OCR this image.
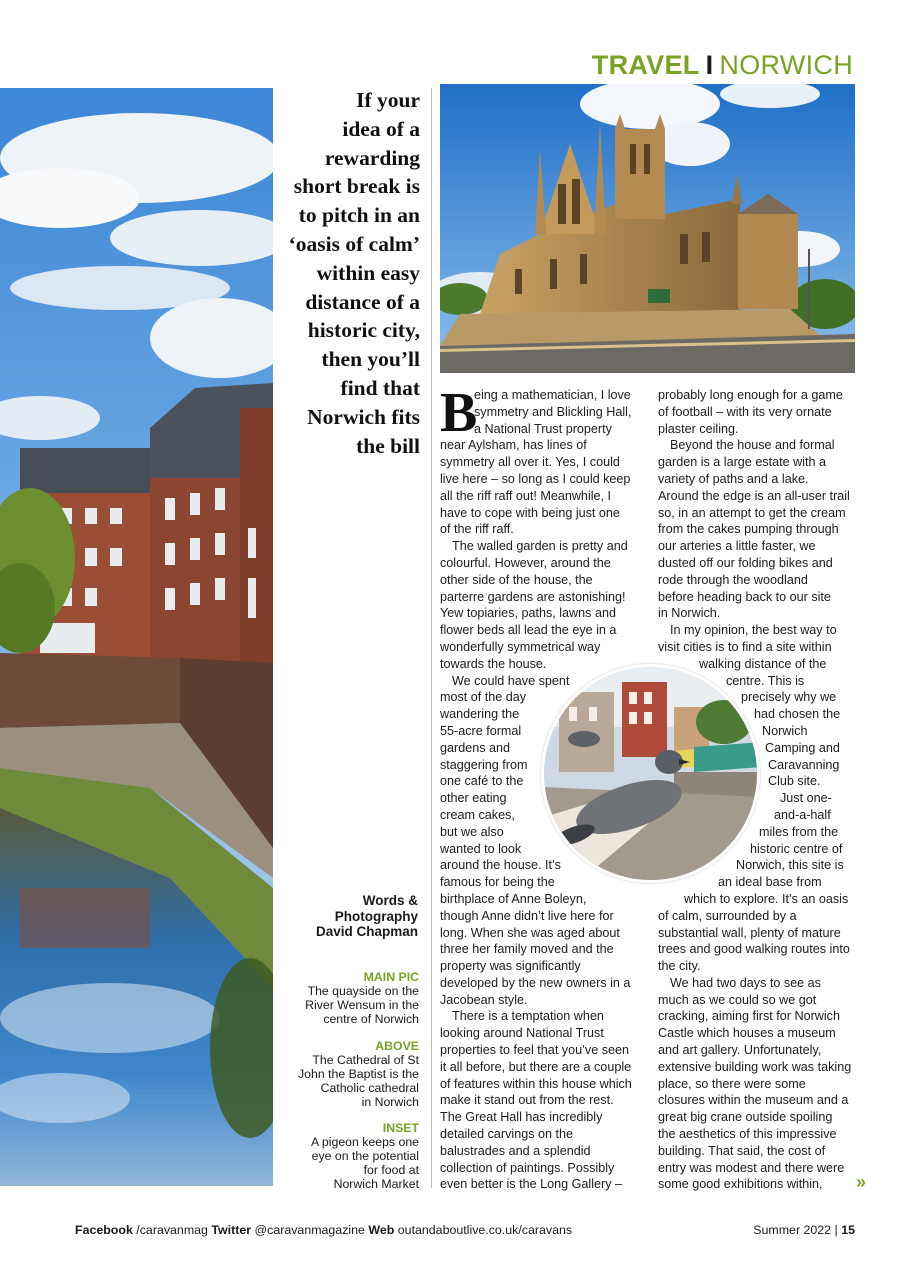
TRAVEL I NORWICH
If your
idea of a
rewarding
short break is
to pitch in an
‘oasis of calm’
within easy
distance of a
historic city,
then you’ll
find that
Norwich fits
the bill
Words &
Photography
David Chapman
MAIN PIC
The quayside on the
River Wensum in the
centre of Norwich
ABOVE
The Cathedral of St
John the Baptist is the
Catholic cathedral
in Norwich
INSET
A pigeon keeps one
eye on the potential
for food at
Norwich Market
B
eing a mathematician, I love
symmetry and Blickling Hall,
a National Trust property
near Aylsham, has lines of
symmetry all over it. Yes, I could
live here – so long as I could keep
all the riff raff out! Meanwhile, I
have to cope with being just one
of the riff raff.
The walled garden is pretty and
colourful. However, around the
other side of the house, the
parterre gardens are astonishing!
Yew topiaries, paths, lawns and
flower beds all lead the eye in a
wonderfully symmetrical way
towards the house.
We could have spent
most of the day
wandering the
55-acre formal
gardens and
staggering from
one café to the
other eating
cream cakes,
but we also
wanted to look
around the house. It’s
famous for being the
birthplace of Anne Boleyn,
though Anne didn’t live here for
long. When she was aged about
three her family moved and the
property was significantly
developed by the new owners in a
Jacobean style.
There is a temptation when
looking around National Trust
properties to feel that you’ve seen
it all before, but there are a couple
of features within this house which
make it stand out from the rest.
The Great Hall has incredibly
detailed carvings on the
balustrades and a splendid
collection of paintings. Possibly
even better is the Long Gallery –
probably long enough for a game
of football – with its very ornate
plaster ceiling.
Beyond the house and formal
garden is a large estate with a
variety of paths and a lake.
Around the edge is an all-user trail
so, in an attempt to get the cream
from the cakes pumping through
our arteries a little faster, we
dusted off our folding bikes and
rode through the woodland
before heading back to our site
in Norwich.
In my opinion, the best way to
visit cities is to find a site within
walking distance of the
centre. This is
precisely why we
had chosen the
Norwich
Camping and
Caravanning
Club site.
Just one-
and-a-half
miles from the
historic centre of
Norwich, this site is
an ideal base from
which to explore. It’s an oasis
of calm, surrounded by a
substantial wall, plenty of mature
trees and good walking routes into
the city.
We had two days to see as
much as we could so we got
cracking, aiming first for Norwich
Castle which houses a museum
and art gallery. Unfortunately,
extensive building work was taking
place, so there were some
closures within the museum and a
great big crane outside spoiling
the aesthetics of this impressive
building. That said, the cost of
entry was modest and there were
some good exhibitions within,	»
Facebook /caravanmag Twitter @caravanmagazine Web outandaboutlive.co.uk/caravans	Summer 2022 | 15
